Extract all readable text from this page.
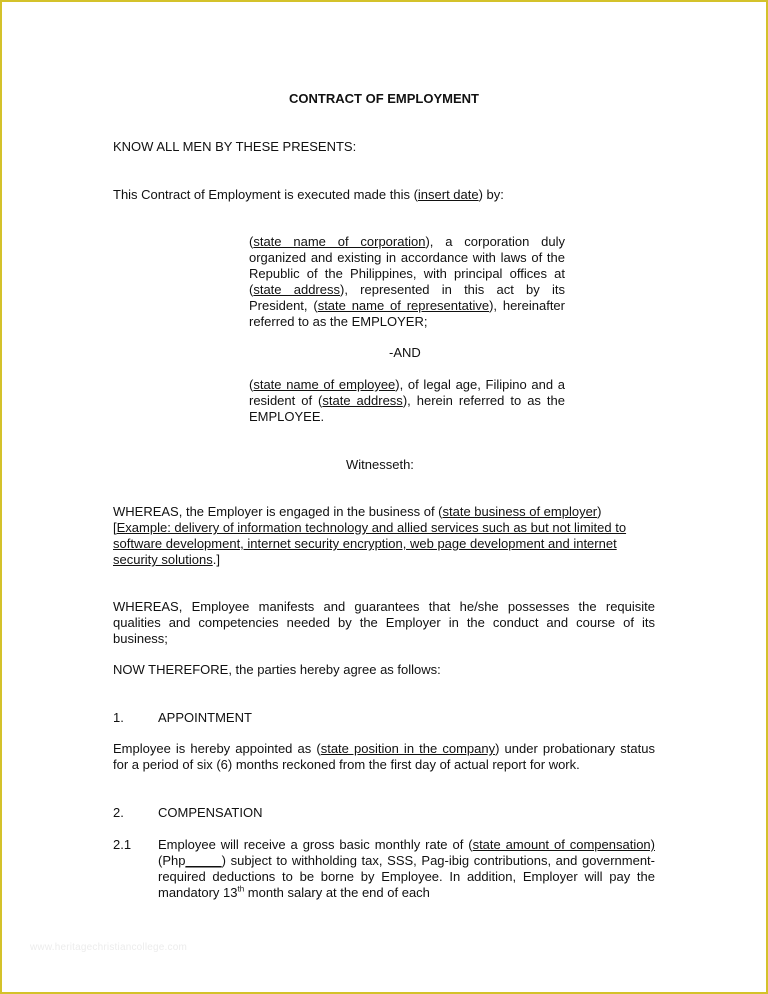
CONTRACT OF EMPLOYMENT
KNOW ALL MEN BY THESE PRESENTS:
This Contract of Employment is executed made this (insert date) by:
(state name of corporation), a corporation duly organized and existing in accordance with laws of the Republic of the Philippines, with principal offices at (state address), represented in this act by its President, (state name of representative), hereinafter referred to as the EMPLOYER;
-AND
(state name of employee), of legal age, Filipino and a resident of (state address), herein referred to as the EMPLOYEE.
Witnesseth:
WHEREAS, the Employer is engaged in the business of (state business of employer)
[Example: delivery of information technology and allied services such as but not limited to software development, internet security encryption, web page development and internet security solutions.]
WHEREAS, Employee manifests and guarantees that he/she possesses the requisite qualities and competencies needed by the Employer in the conduct and course of its business;
NOW THEREFORE, the parties hereby agree as follows:
1.	APPOINTMENT
Employee is hereby appointed as (state position in the company) under probationary status for a period of six (6) months reckoned from the first day of actual report for work.
2.	COMPENSATION
2.1 Employee will receive a gross basic monthly rate of (state amount of compensation) (Php_____) subject to withholding tax, SSS, Pag-ibig contributions, and government-required deductions to be borne by Employee. In addition, Employer will pay the mandatory 13th month salary at the end of each
www.heritagechristiancollege.com
